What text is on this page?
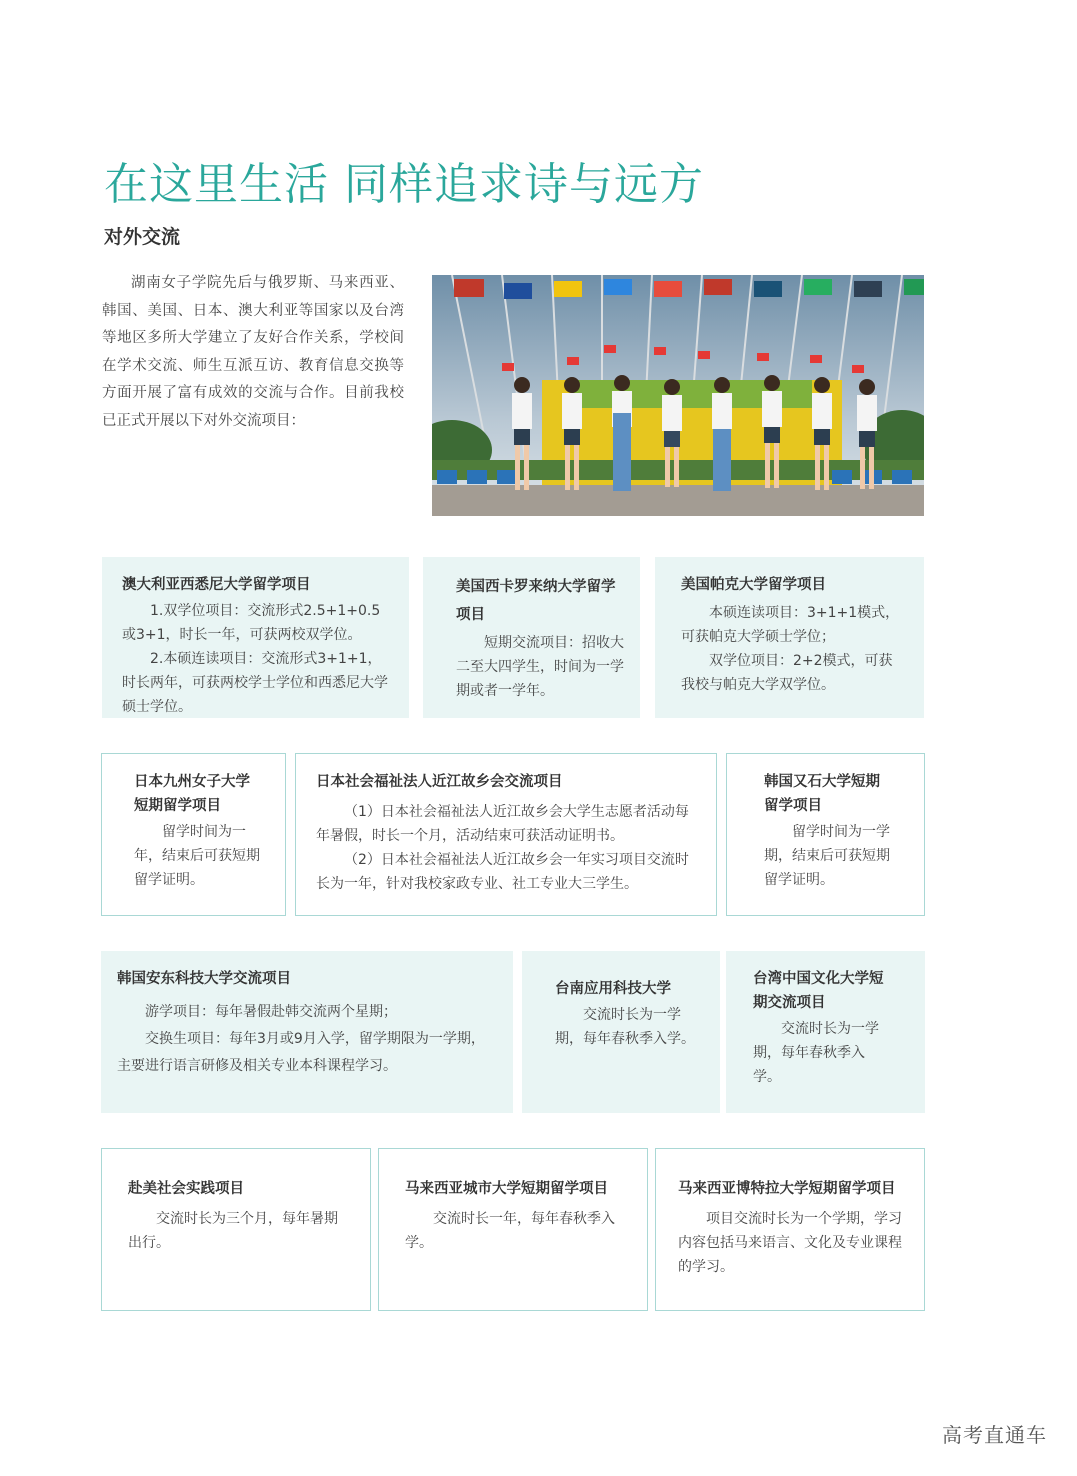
在这里生活 同样追求诗与远方
对外交流
湖南女子学院先后与俄罗斯、马来西亚、韩国、美国、日本、澳大利亚等国家以及台湾等地区多所大学建立了友好合作关系，学校间在学术交流、师生互派互访、教育信息交换等方面开展了富有成效的交流与合作。目前我校已正式开展以下对外交流项目：
澳大利亚西悉尼大学留学项目

1.双学位项目：交流形式2.5+1+0.5或3+1，时长一年，可获两校双学位。

2.本硕连读项目：交流形式3+1+1，时长两年，可获两校学士学位和西悉尼大学硕士学位。

美国西卡罗来纳大学留学项目

短期交流项目：招收大二至大四学生，时间为一学期或者一学年。

美国帕克大学留学项目

本硕连读项目：3+1+1模式，可获帕克大学硕士学位；

双学位项目：2+2模式，可获我校与帕克大学双学位。

日本九州女子大学短期留学项目

留学时间为一年，结束后可获短期留学证明。

日本社会福祉法人近江故乡会交流项目

（1）日本社会福祉法人近江故乡会大学生志愿者活动每年暑假，时长一个月，活动结束可获活动证明书。

（2）日本社会福祉法人近江故乡会一年实习项目交流时长为一年，针对我校家政专业、社工专业大三学生。

韩国又石大学短期留学项目

留学时间为一学期，结束后可获短期留学证明。

韩国安东科技大学交流项目

游学项目：每年暑假赴韩交流两个星期；

交换生项目：每年3月或9月入学，留学期限为一学期，主要进行语言研修及相关专业本科课程学习。

台南应用科技大学

交流时长为一学期，每年春秋季入学。

台湾中国文化大学短期交流项目

交流时长为一学期，每年春秋季入学。

赴美社会实践项目

交流时长为三个月，每年暑期出行。

马来西亚城市大学短期留学项目

交流时长一年，每年春秋季入学。

马来西亚博特拉大学短期留学项目

项目交流时长为一个学期，学习内容包括马来语言、文化及专业课程的学习。

高考直通车
